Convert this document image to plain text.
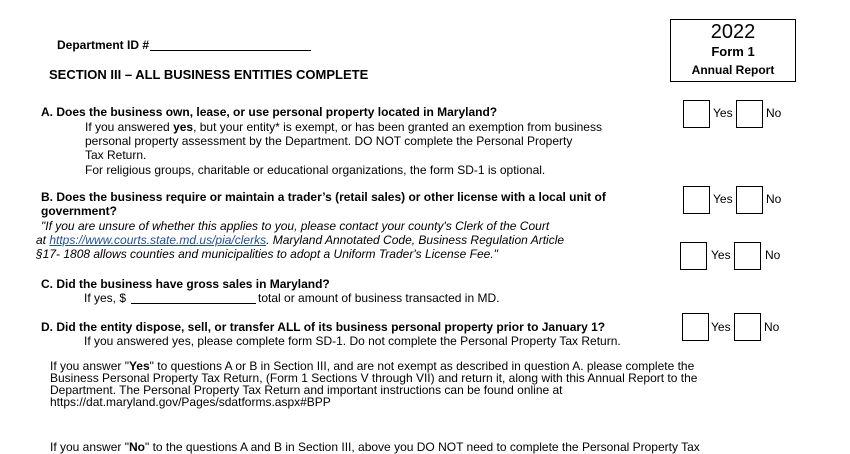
Department ID #
SECTION III – ALL BUSINESS ENTITIES COMPLETE
2022
Form 1
Annual Report
A. Does the business own, lease, or use personal property located in Maryland?
If you answered yes, but your entity* is exempt, or has been granted an exemption from business
personal property assessment by the Department. DO NOT complete the Personal Property
Tax Return.
For religious groups, charitable or educational organizations, the form SD-1 is optional.
Yes	No
B. Does the business require or maintain a trader’s (retail sales) or other license with a local unit of
government?
"If you are unsure of whether this applies to you, please contact your county's Clerk of the Court
at https://www.courts.state.md.us/pia/clerks. Maryland Annotated Code, Business Regulation Article
§17- 1808 allows counties and municipalities to adopt a Uniform Trader's License Fee."
Yes	No
Yes	No
C. Did the business have gross sales in Maryland?
If yes, $	total or amount of business transacted in MD.
D. Did the entity dispose, sell, or transfer ALL of its business personal property prior to January 1?
If you answered yes, please complete form SD-1. Do not complete the Personal Property Tax Return.
Yes	No
If you answer "Yes" to questions A or B in Section III, and are not exempt as described in question A. please complete the
Business Personal Property Tax Return, (Form 1 Sections V through VII) and return it, along with this Annual Report to the
Department. The Personal Property Tax Return and important instructions can be found online at
https://dat.maryland.gov/Pages/sdatforms.aspx#BPP
If you answer "No" to the questions A and B in Section III, above you DO NOT need to complete the Personal Property Tax
